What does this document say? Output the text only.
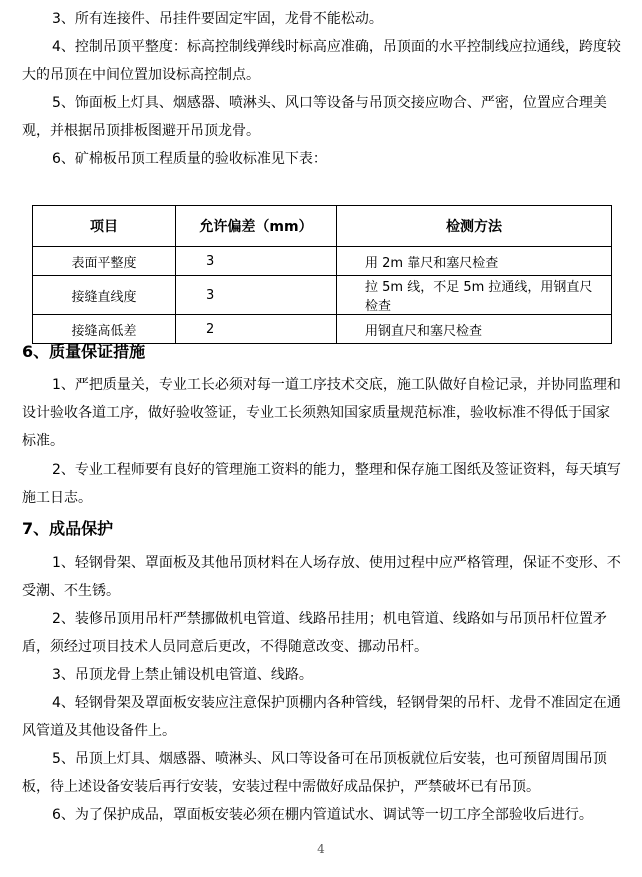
3、所有连接件、吊挂件要固定牢固，龙骨不能松动。

4、控制吊顶平整度：标高控制线弹线时标高应准确，吊顶面的水平控制线应拉通线，跨度较大的吊顶在中间位置加设标高控制点。

5、饰面板上灯具、烟感器、喷淋头、风口等设备与吊顶交接应吻合、严密，位置应合理美观，并根据吊顶排板图避开吊顶龙骨。

6、矿棉板吊顶工程质量的验收标准见下表：

项目	允许偏差（mm）	检测方法
表面平整度	3	用 2m 靠尺和塞尺检查
接缝直线度	3	拉 5m 线，不足 5m 拉通线，用钢直尺检查
接缝高低差	2	用钢直尺和塞尺检查
6、质量保证措施

1、严把质量关，专业工长必须对每一道工序技术交底，施工队做好自检记录，并协同监理和设计验收各道工序，做好验收签证，专业工长须熟知国家质量规范标准，验收标准不得低于国家标准。

2、专业工程师要有良好的管理施工资料的能力，整理和保存施工图纸及签证资料，每天填写施工日志。

7、成品保护

1、轻钢骨架、罩面板及其他吊顶材料在人场存放、使用过程中应严格管理，保证不变形、不受潮、不生锈。

2、装修吊顶用吊杆严禁挪做机电管道、线路吊挂用；机电管道、线路如与吊顶吊杆位置矛盾，须经过项目技术人员同意后更改，不得随意改变、挪动吊杆。

3、吊顶龙骨上禁止铺设机电管道、线路。

4、轻钢骨架及罩面板安装应注意保护顶棚内各种管线，轻钢骨架的吊杆、龙骨不准固定在通风管道及其他设备件上。

5、吊顶上灯具、烟感器、喷淋头、风口等设备可在吊顶板就位后安装，也可预留周围吊顶板，待上述设备安装后再行安装，安装过程中需做好成品保护，严禁破坏已有吊顶。

6、为了保护成品，罩面板安装必须在棚内管道试水、调试等一切工序全部验收后进行。

4
